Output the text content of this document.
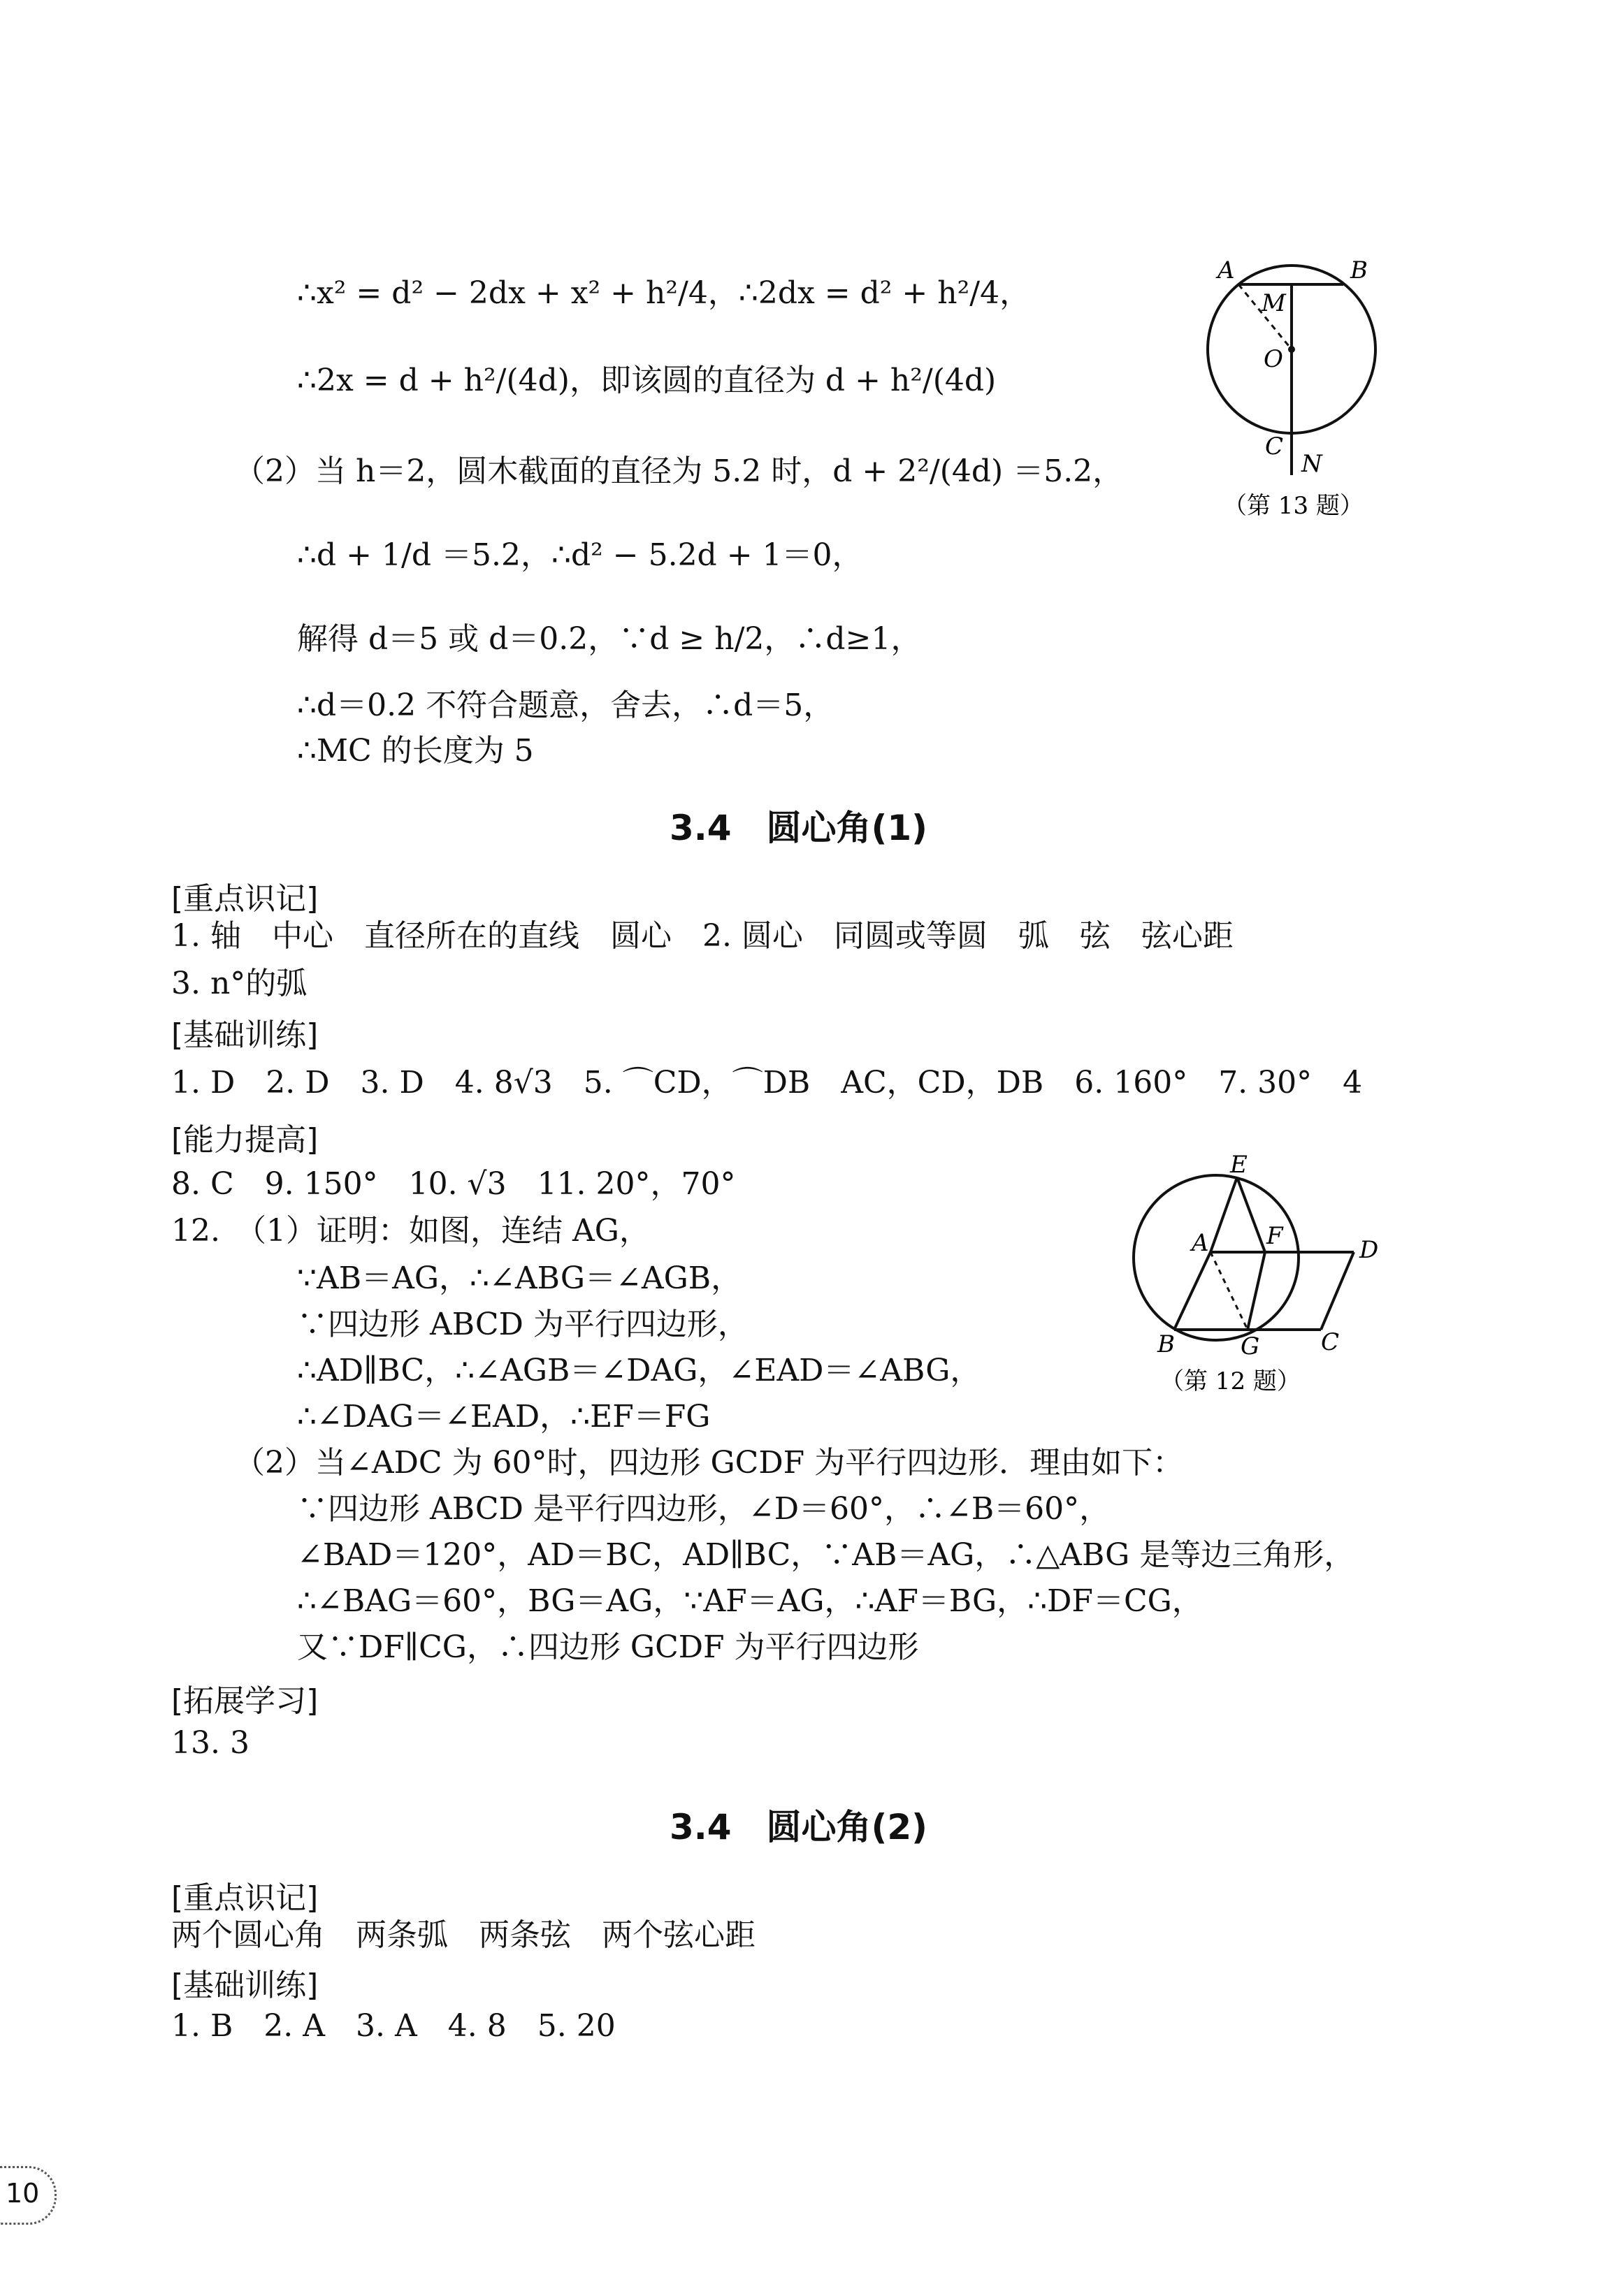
∴x² = d² − 2dx + x² + h²/4，∴2dx = d² + h²/4，
∴2x = d + h²/(4d)，即该圆的直径为 d + h²/(4d)
（2）当 h＝2，圆木截面的直径为 5.2 时，d + 2²/(4d) ＝5.2，
∴d + 1/d ＝5.2，∴d² − 5.2d + 1＝0，
解得 d＝5 或 d＝0.2，∵d ≥ h/2，∴d≥1，
∴d＝0.2 不符合题意，舍去，∴d＝5，
∴MC 的长度为 5
A	B
M
O
C
N
（第 13 题）
3.4　圆心角(1)
[重点识记]
1. 轴　中心　直径所在的直线　圆心　2. 圆心　同圆或等圆　弧　弦　弦心距
3. n°的弧
[基础训练]
1. D　2. D　3. D　4. 8√3　5. ⌒CD，⌒DB　AC，CD，DB　6. 160°　7. 30°　4
[能力提高]
8. C　9. 150°　10. √3　11. 20°，70°
12.　（1）证明：如图，连结 AG，
∵AB＝AG，∴∠ABG＝∠AGB，
∵四边形 ABCD 为平行四边形，
∴AD∥BC，∴∠AGB＝∠DAG，∠EAD＝∠ABG，
∴∠DAG＝∠EAD，∴EF＝FG
（2）当∠ADC 为 60°时，四边形 GCDF 为平行四边形．理由如下：
∵四边形 ABCD 是平行四边形，∠D＝60°，∴∠B＝60°，
∠BAD＝120°，AD＝BC，AD∥BC，∵AB＝AG，∴△ABG 是等边三角形，
∴∠BAG＝60°，BG＝AG，∵AF＝AG，∴AF＝BG，∴DF＝CG，
又∵DF∥CG，∴四边形 GCDF 为平行四边形
[拓展学习]
13. 3
E
A F	D
B	G	C
（第 12 题）
3.4　圆心角(2)
[重点识记]
两个圆心角　两条弧　两条弦　两个弦心距
[基础训练]
1. B　2. A　3. A　4. 8　5. 20
10
